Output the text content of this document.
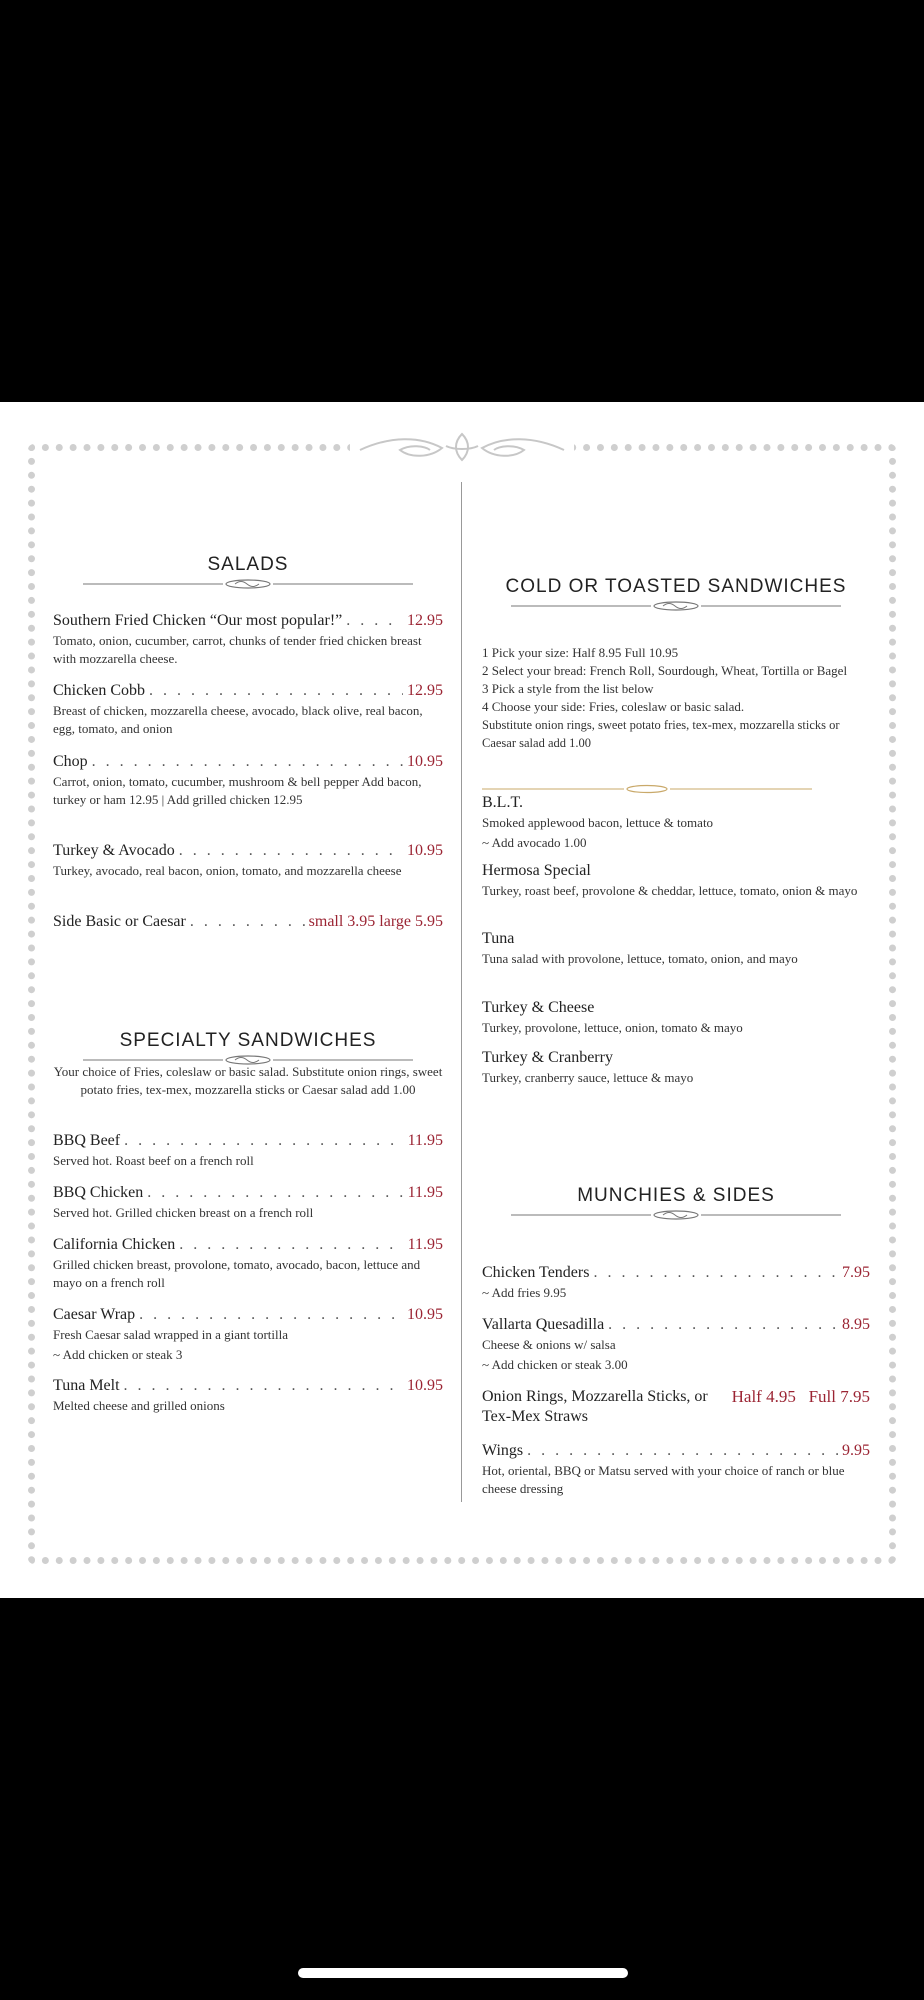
SALADS
Southern Fried Chicken “Our most popular!” . . .	12.95
Tomato, onion, cucumber, carrot, chunks of tender fried chicken breast with mozzarella cheese.
Chicken Cobb . . .	12.95
Breast of chicken, mozzarella cheese, avocado, black olive, real bacon, egg, tomato, and onion
Chop . . .	10.95
Carrot, onion, tomato, cucumber, mushroom & bell pepper Add bacon, turkey or ham 12.95 | Add grilled chicken 12.95
Turkey & Avocado . . .	10.95
Turkey, avocado, real bacon, onion, tomato, and mozzarella cheese
Side Basic or Caesar . . .	small 3.95 large 5.95
SPECIALTY SANDWICHES
Your choice of Fries, coleslaw or basic salad. Substitute onion rings, sweet potato fries, tex-mex, mozzarella sticks or Caesar salad add 1.00
BBQ Beef . . .	11.95
Served hot. Roast beef on a french roll
BBQ Chicken . . .	11.95
Served hot. Grilled chicken breast on a french roll
California Chicken . . .	11.95
Grilled chicken breast, provolone, tomato, avocado, bacon, lettuce and mayo on a french roll
Caesar Wrap . . .	10.95
Fresh Caesar salad wrapped in a giant tortilla
~ Add chicken or steak 3
Tuna Melt . . .	10.95
Melted cheese and grilled onions
COLD OR TOASTED SANDWICHES
1 Pick your size: Half 8.95 Full 10.95
2 Select your bread: French Roll, Sourdough, Wheat, Tortilla or Bagel
3 Pick a style from the list below
4 Choose your side: Fries, coleslaw or basic salad.
Substitute onion rings, sweet potato fries, tex-mex, mozzarella sticks or Caesar salad add 1.00
B.L.T.
Smoked applewood bacon, lettuce & tomato
~ Add avocado 1.00
Hermosa Special
Turkey, roast beef, provolone & cheddar, lettuce, tomato, onion & mayo
Tuna
Tuna salad with provolone, lettuce, tomato, onion, and mayo
Turkey & Cheese
Turkey, provolone, lettuce, onion, tomato & mayo
Turkey & Cranberry
Turkey, cranberry sauce, lettuce & mayo
MUNCHIES & SIDES
Chicken Tenders . . .	7.95
~ Add fries 9.95
Vallarta Quesadilla . . .	8.95
Cheese & onions w/ salsa
~ Add chicken or steak 3.00
Onion Rings, Mozzarella Sticks, or Tex-Mex Straws
Half 4.95   Full 7.95
Wings . . .	9.95
Hot, oriental, BBQ or Matsu served with your choice of ranch or blue cheese dressing
